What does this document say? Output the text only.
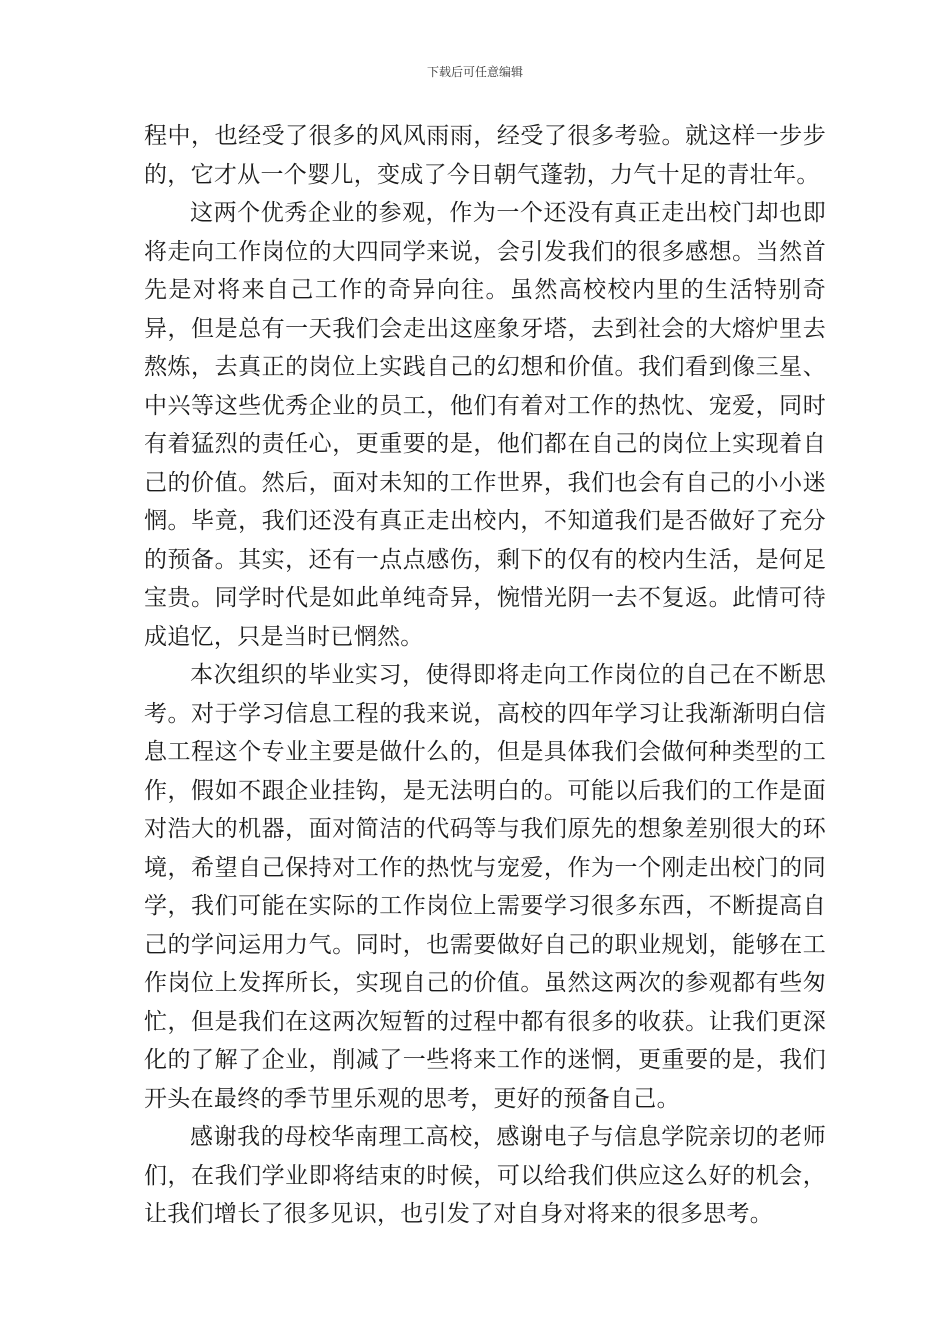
下载后可任意编辑

程中，也经受了很多的风风雨雨，经受了很多考验。就这样一步步的，它才从一个婴儿，变成了今日朝气蓬勃，力气十足的青壮年。

这两个优秀企业的参观，作为一个还没有真正走出校门却也即将走向工作岗位的大四同学来说，会引发我们的很多感想。当然首先是对将来自己工作的奇异向往。虽然高校校内里的生活特别奇异，但是总有一天我们会走出这座象牙塔，去到社会的大熔炉里去熬炼，去真正的岗位上实践自己的幻想和价值。我们看到像三星、中兴等这些优秀企业的员工，他们有着对工作的热忱、宠爱，同时有着猛烈的责任心，更重要的是，他们都在自己的岗位上实现着自己的价值。然后，面对未知的工作世界，我们也会有自己的小小迷惘。毕竟，我们还没有真正走出校内，不知道我们是否做好了充分的预备。其实，还有一点点感伤，剩下的仅有的校内生活，是何足宝贵。同学时代是如此单纯奇异，惋惜光阴一去不复返。此情可待成追忆，只是当时已惘然。

本次组织的毕业实习，使得即将走向工作岗位的自己在不断思考。对于学习信息工程的我来说，高校的四年学习让我渐渐明白信息工程这个专业主要是做什么的，但是具体我们会做何种类型的工作，假如不跟企业挂钩，是无法明白的。可能以后我们的工作是面对浩大的机器，面对简洁的代码等与我们原先的想象差别很大的环境，希望自己保持对工作的热忱与宠爱，作为一个刚走出校门的同学，我们可能在实际的工作岗位上需要学习很多东西，不断提高自己的学问运用力气。同时，也需要做好自己的职业规划，能够在工作岗位上发挥所长，实现自己的价值。虽然这两次的参观都有些匆忙，但是我们在这两次短暂的过程中都有很多的收获。让我们更深化的了解了企业，削减了一些将来工作的迷惘，更重要的是，我们开头在最终的季节里乐观的思考，更好的预备自己。

感谢我的母校华南理工高校，感谢电子与信息学院亲切的老师们，在我们学业即将结束的时候，可以给我们供应这么好的机会，让我们增长了很多见识，也引发了对自身对将来的很多思考。
